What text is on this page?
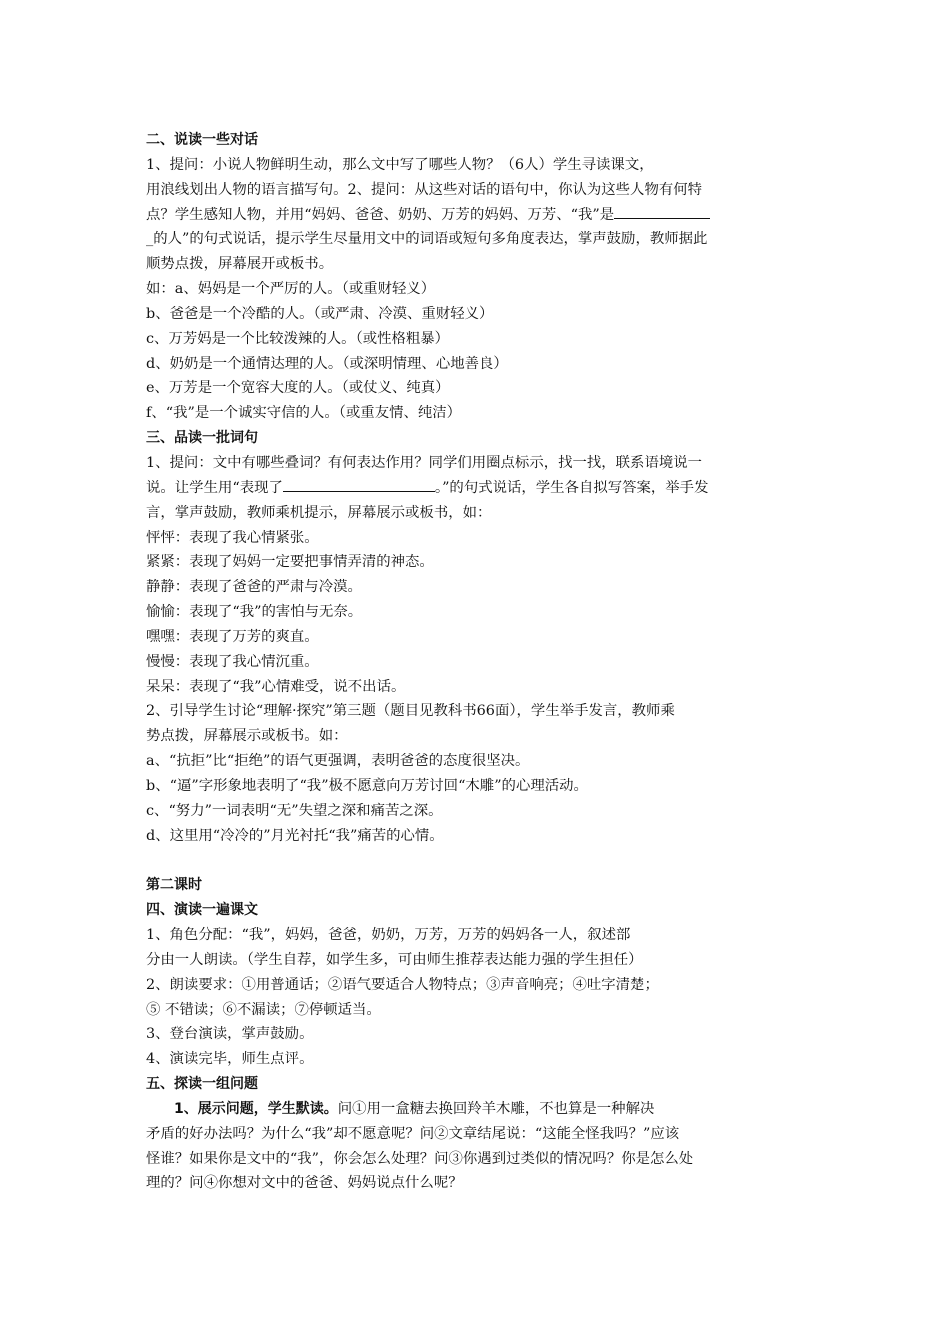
二、说读一些对话
1、提问：小说人物鲜明生动，那么文中写了哪些人物？（6人）学生寻读课文，
用浪线划出人物的语言描写句。2、提问：从这些对话的语句中，你认为这些人物有何特
点？学生感知人物，并用“妈妈、爸爸、奶奶、万芳的妈妈、万芳、“我”是
_的人”的句式说话，提示学生尽量用文中的词语或短句多角度表达，掌声鼓励，教师据此
顺势点拨，屏幕展开或板书。
如：a、妈妈是一个严厉的人。（或重财轻义）
b、爸爸是一个冷酷的人。（或严肃、冷漠、重财轻义）
c、万芳妈是一个比较泼辣的人。（或性格粗暴）
d、奶奶是一个通情达理的人。（或深明情理、心地善良）
e、万芳是一个宽容大度的人。（或仗义、纯真）
f、“我”是一个诚实守信的人。（或重友情、纯洁）
三、品读一批词句
1、提问：文中有哪些叠词？有何表达作用？同学们用圈点标示，找一找，联系语境说一
说。让学生用“表现了	。”的句式说话，学生各自拟写答案，举手发
言，掌声鼓励，教师乘机提示，屏幕展示或板书，如：
怦怦：表现了我心情紧张。
紧紧：表现了妈妈一定要把事情弄清的神态。
静静：表现了爸爸的严肃与冷漠。
愉愉：表现了“我”的害怕与无奈。
嘿嘿：表现了万芳的爽直。
慢慢：表现了我心情沉重。
呆呆：表现了“我”心情难受，说不出话。
2、引导学生讨论“理解·探究”第三题（题目见教科书66面），学生举手发言，教师乘
势点拨，屏幕展示或板书。如：
a、“抗拒”比“拒绝”的语气更强调，表明爸爸的态度很坚决。
b、“逼”字形象地表明了“我”极不愿意向万芳讨回“木雕”的心理活动。
c、“努力”一词表明“无”失望之深和痛苦之深。
d、这里用“冷冷的”月光衬托“我”痛苦的心情。
第二课时
四、演读一遍课文
1、角色分配：“我”，妈妈，爸爸，奶奶，万芳，万芳的妈妈各一人，叙述部
分由一人朗读。（学生自荐，如学生多，可由师生推荐表达能力强的学生担任）
2、朗读要求：①用普通话；②语气要适合人物特点；③声音响亮；④吐字清楚；
⑤ 不错读；⑥不漏读；⑦停顿适当。
3、登台演读，掌声鼓励。
4、演读完毕，师生点评。
五、探读一组问题
1、展示问题，学生默读。问①用一盒糖去换回羚羊木雕，不也算是一种解决
矛盾的好办法吗？为什么“我”却不愿意呢？问②文章结尾说：“这能全怪我吗？”应该
怪谁？如果你是文中的“我”，你会怎么处理？问③你遇到过类似的情况吗？你是怎么处
理的？问④你想对文中的爸爸、妈妈说点什么呢？
